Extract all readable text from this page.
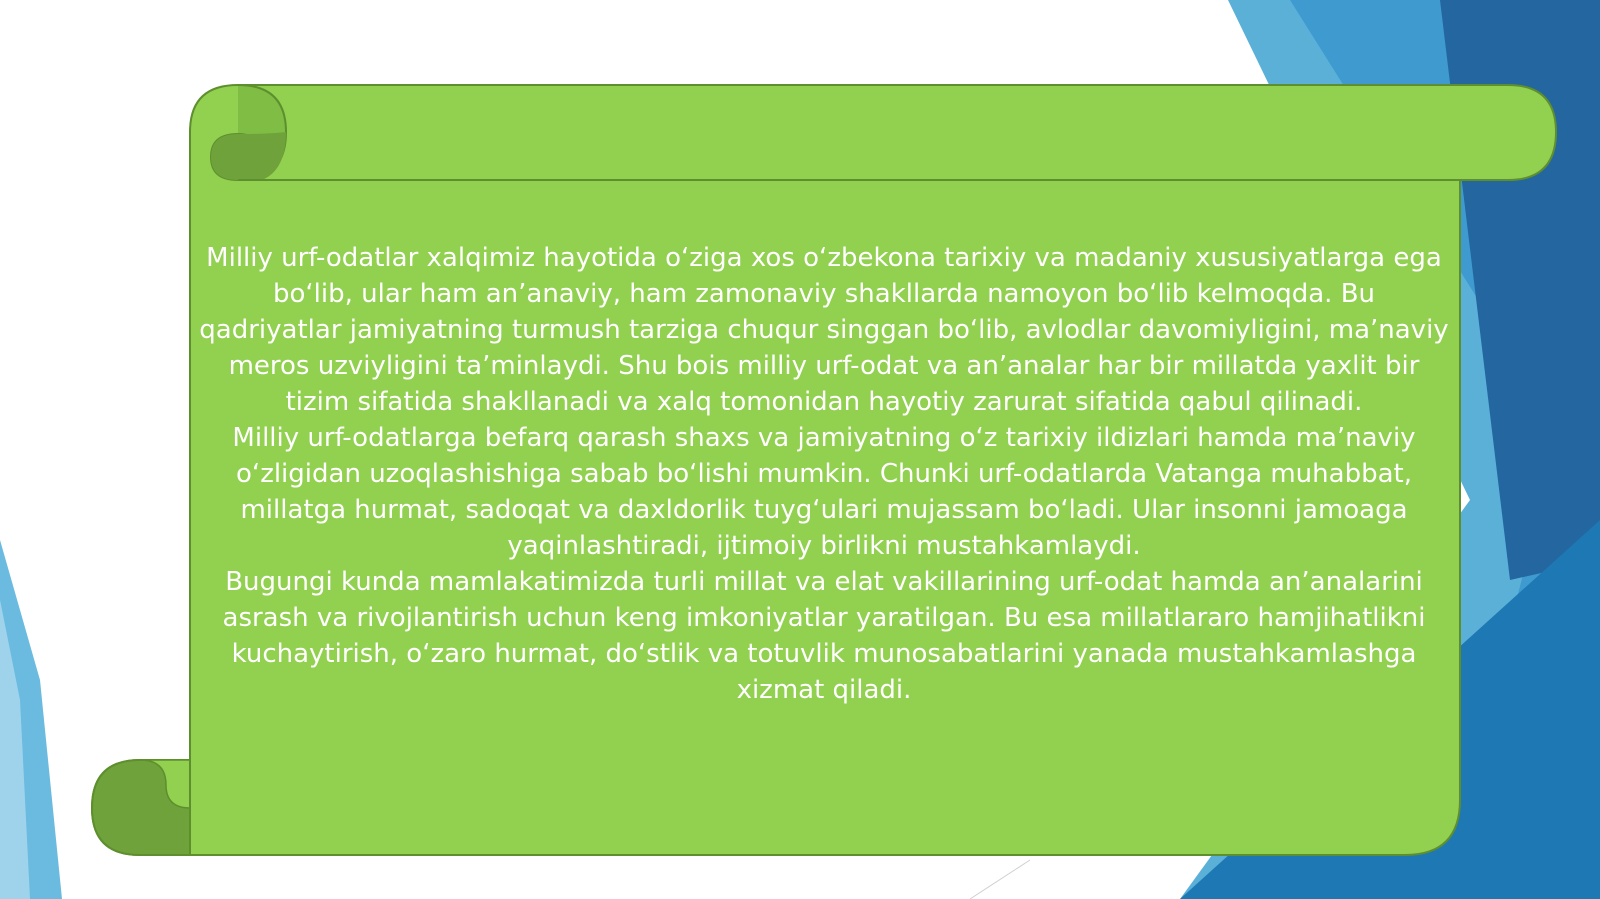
Milliy urf-odatlar xalqimiz hayotida o‘ziga xos o‘zbekona tarixiy va madaniy xususiyatlarga ega bo‘lib, ular ham an’anaviy, ham zamonaviy shakllarda namoyon bo‘lib kelmoqda. Bu qadriyatlar jamiyatning turmush tarziga chuqur singgan bo‘lib, avlodlar davomiyligini, ma’naviy meros uzviyligini ta’minlaydi. Shu bois milliy urf-odat va an’analar har bir millatda yaxlit bir tizim sifatida shakllanadi va xalq tomonidan hayotiy zarurat sifatida qabul qilinadi.

Milliy urf-odatlarga befarq qarash shaxs va jamiyatning o‘z tarixiy ildizlari hamda ma’naviy o‘zligidan uzoqlashishiga sabab bo‘lishi mumkin. Chunki urf-odatlarda Vatanga muhabbat, millatga hurmat, sadoqat va daxldorlik tuyg‘ulari mujassam bo‘ladi. Ular insonni jamoaga yaqinlashtiradi, ijtimoiy birlikni mustahkamlaydi.

Bugungi kunda mamlakatimizda turli millat va elat vakillarining urf-odat hamda an’analarini asrash va rivojlantirish uchun keng imkoniyatlar yaratilgan. Bu esa millatlararo hamjihatlikni kuchaytirish, o‘zaro hurmat, do‘stlik va totuvlik munosabatlarini yanada mustahkamlashga xizmat qiladi.
